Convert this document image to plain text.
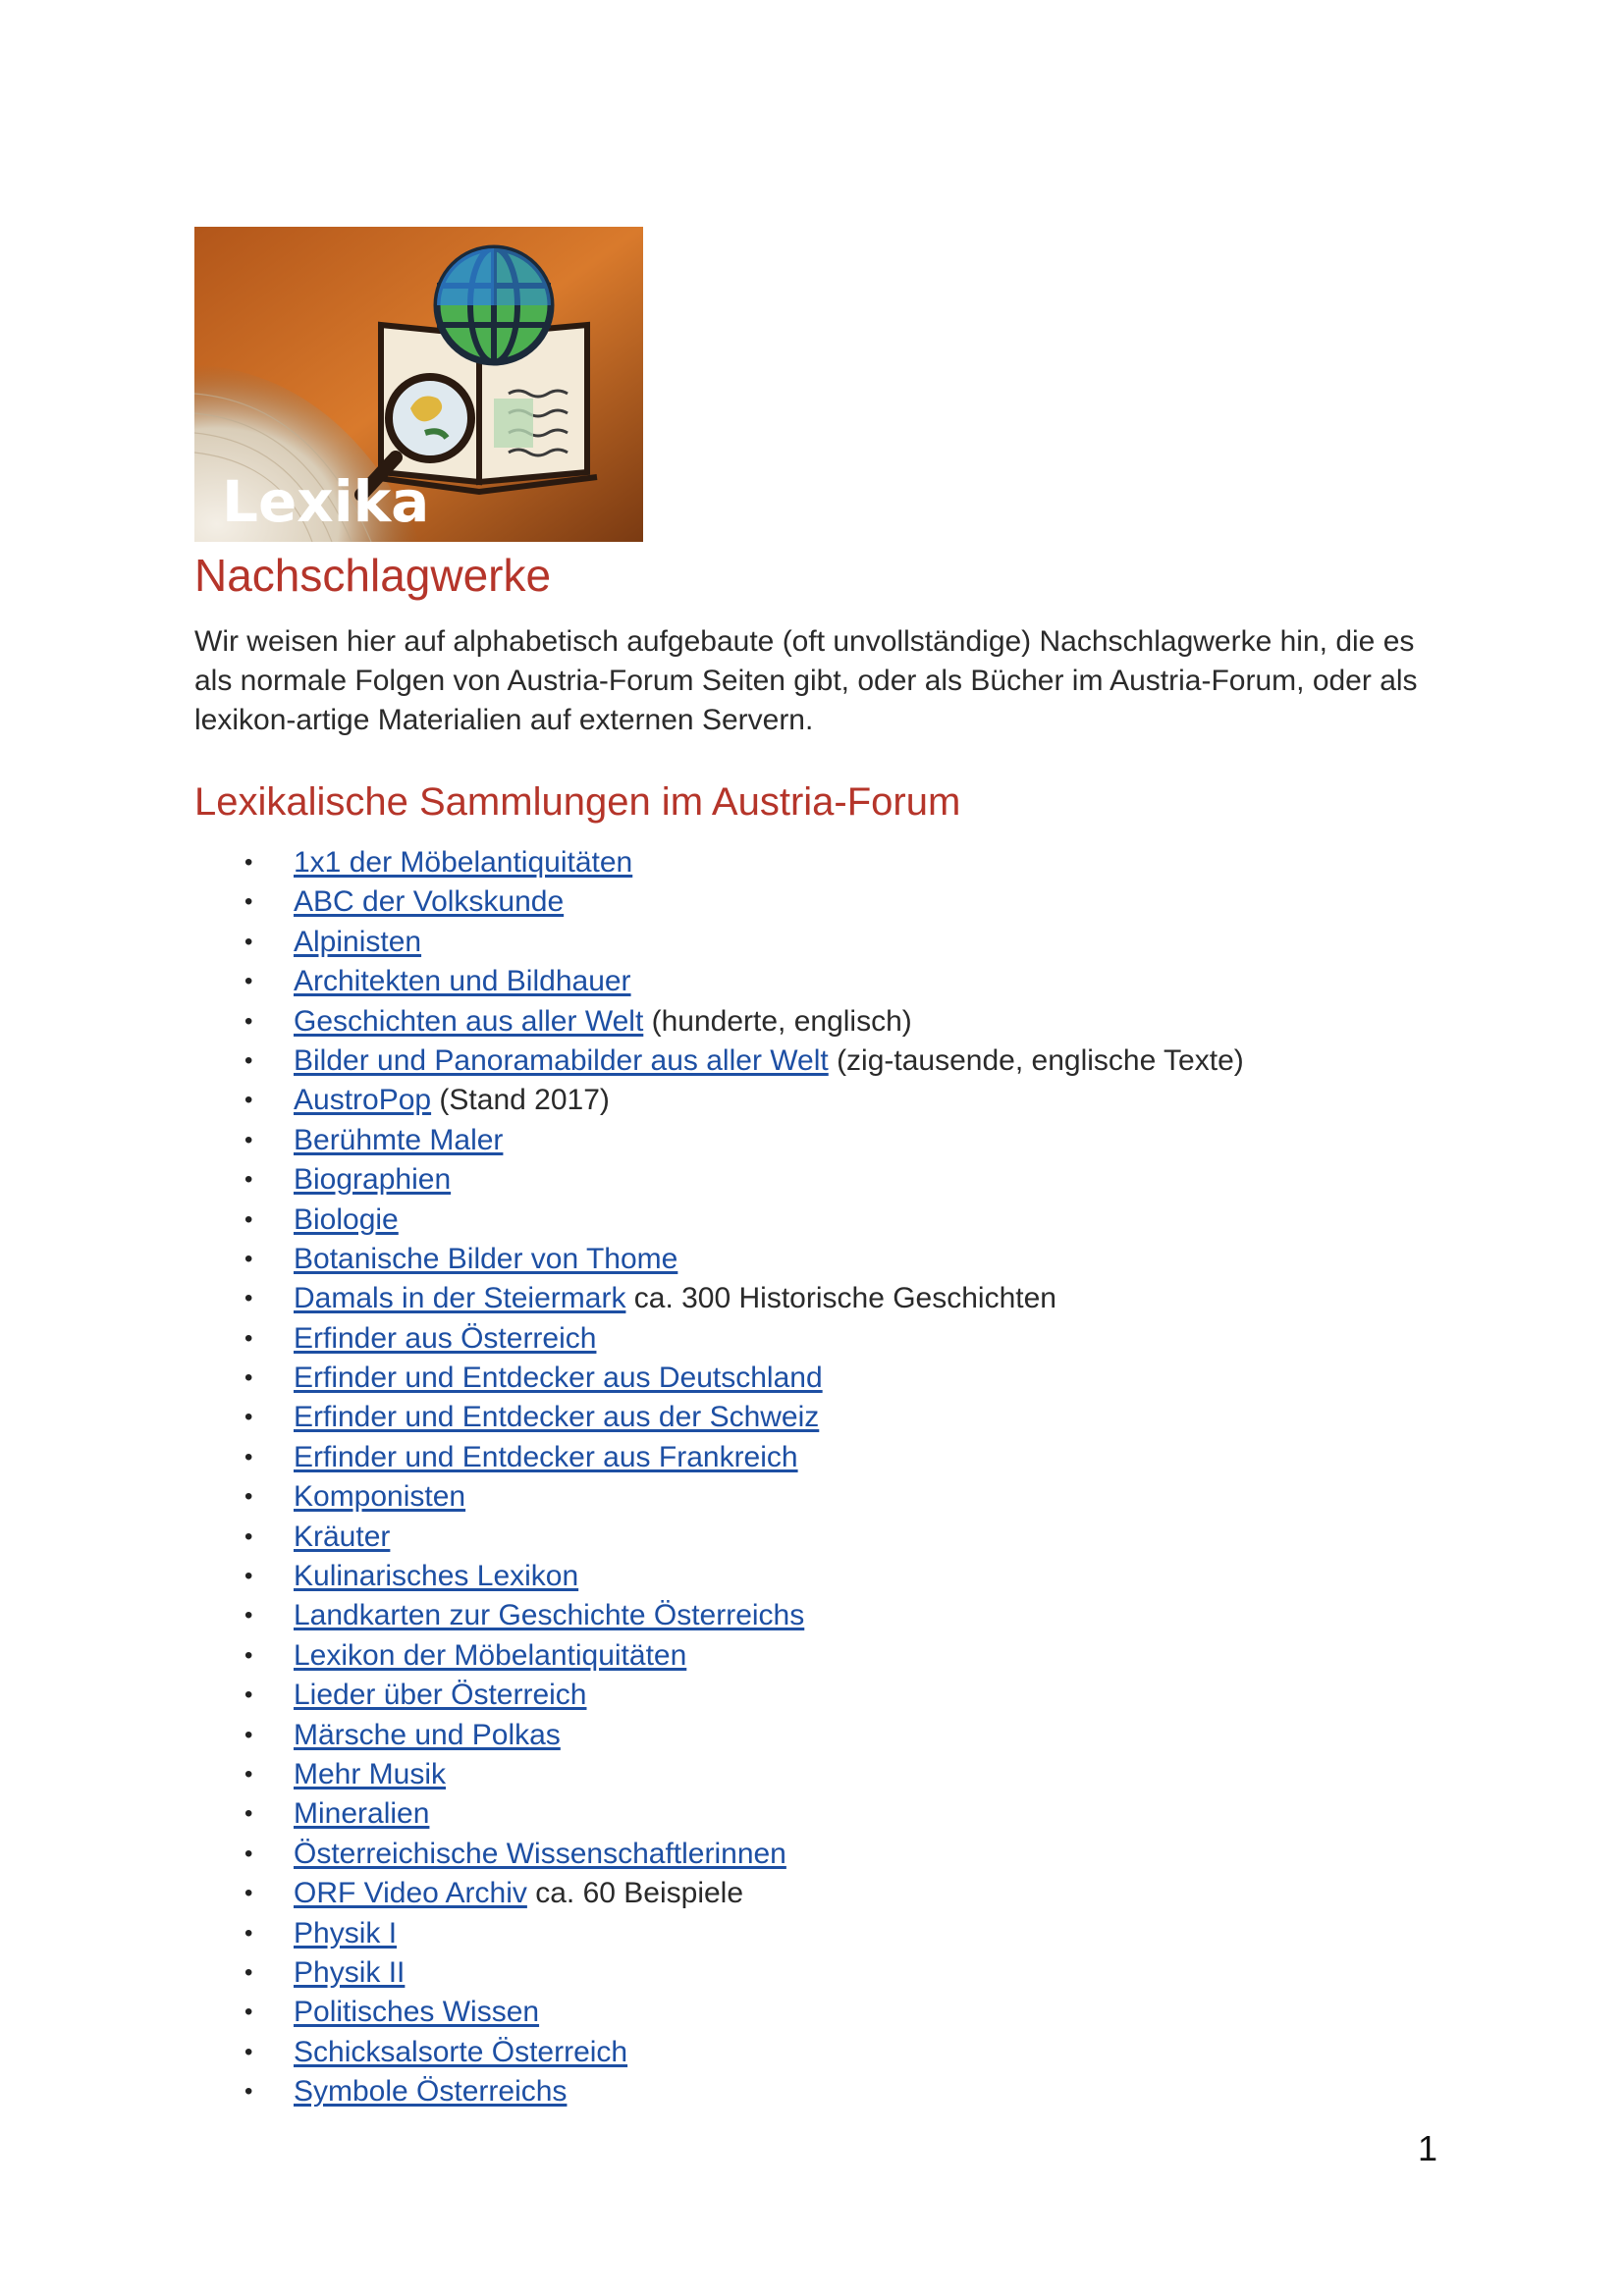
Lexika
Nachschlagwerke

Wir weisen hier auf alphabetisch aufgebaute (oft unvollständige) Nachschlagwerke hin, die es
als normale Folgen von Austria-Forum Seiten gibt, oder als Bücher im Austria-Forum, oder als
lexikon-artige Materialien auf externen Servern.

Lexikalische Sammlungen im Austria-Forum
• 1x1 der Möbelantiquitäten
• ABC der Volkskunde
• Alpinisten
• Architekten und Bildhauer
• Geschichten aus aller Welt (hunderte, englisch)
• Bilder und Panoramabilder aus aller Welt (zig-tausende, englische Texte)
• AustroPop (Stand 2017)
• Berühmte Maler
• Biographien
• Biologie
• Botanische Bilder von Thome
• Damals in der Steiermark ca. 300 Historische Geschichten
• Erfinder aus Österreich
• Erfinder und Entdecker aus Deutschland
• Erfinder und Entdecker aus der Schweiz
• Erfinder und Entdecker aus Frankreich
• Komponisten
• Kräuter
• Kulinarisches Lexikon
• Landkarten zur Geschichte Österreichs
• Lexikon der Möbelantiquitäten
• Lieder über Österreich
• Märsche und Polkas
• Mehr Musik
• Mineralien
• Österreichische Wissenschaftlerinnen
• ORF Video Archiv ca. 60 Beispiele
• Physik I
• Physik II
• Politisches Wissen
• Schicksalsorte Österreich
• Symbole Österreichs
1
